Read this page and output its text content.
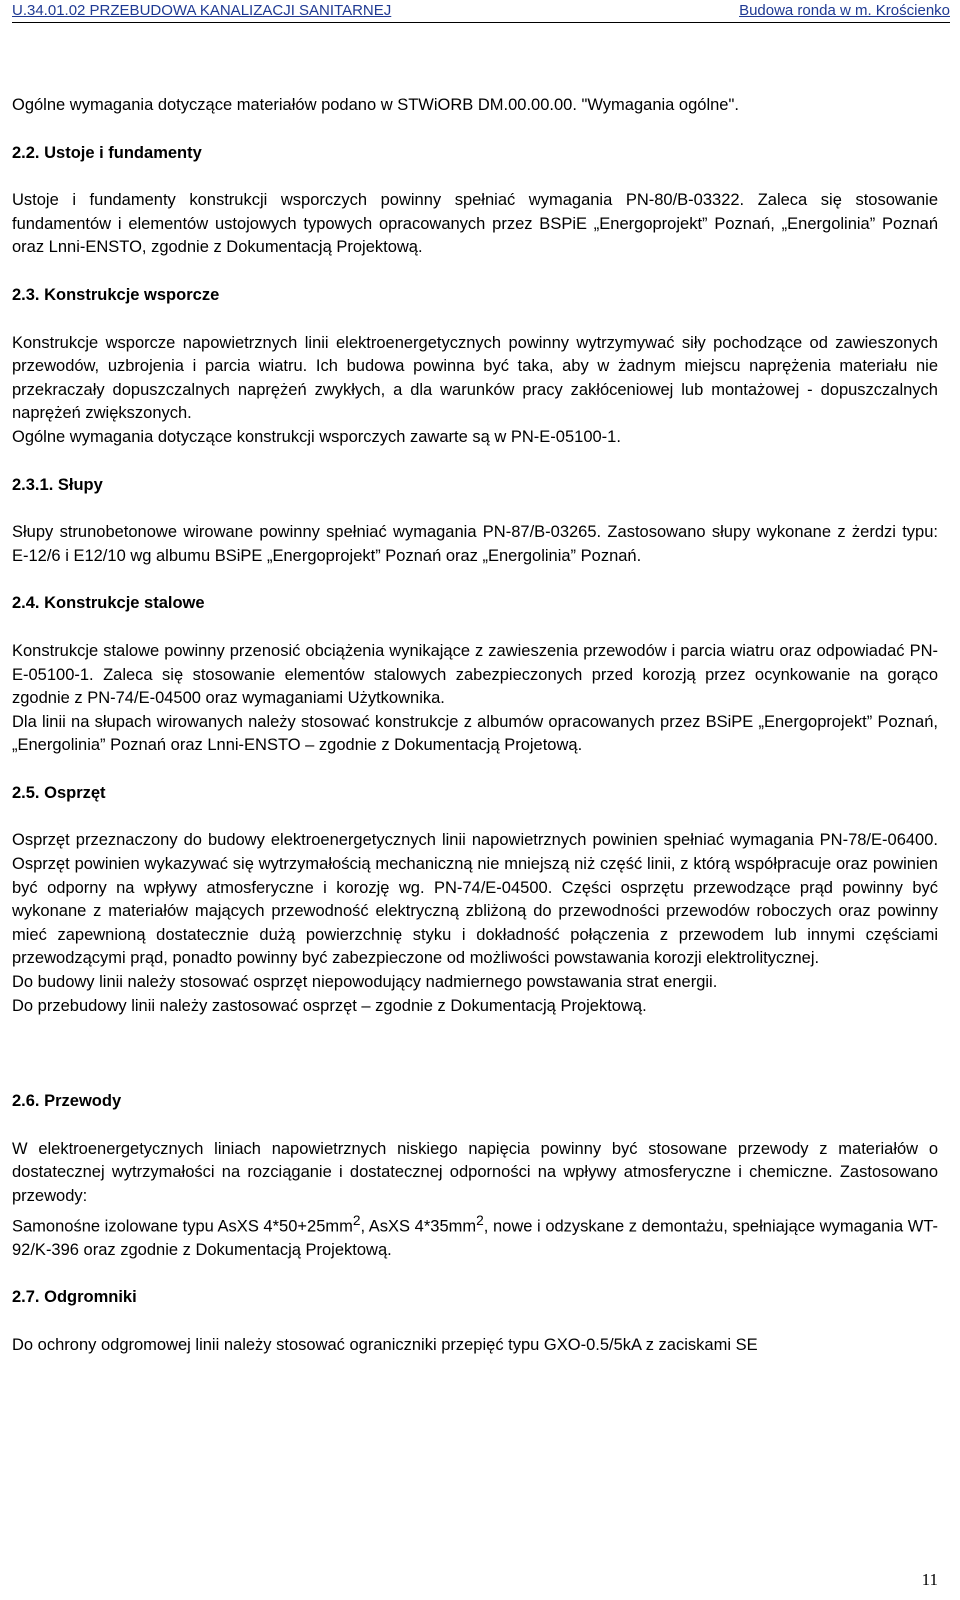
U.34.01.02 PRZEBUDOWA KANALIZACJI SANITARNEJ	Budowa ronda w m. Krościenko

Ogólne wymagania dotyczące materiałów podano w STWiORB DM.00.00.00. "Wymagania ogólne".

2.2. Ustoje i fundamenty

Ustoje i fundamenty konstrukcji wsporczych powinny spełniać wymagania PN-80/B-03322. Zaleca się stosowanie fundamentów i elementów ustojowych typowych opracowanych przez BSPiE „Energoprojekt” Poznań, „Energolinia” Poznań oraz Lnni-ENSTO, zgodnie z Dokumentacją Projektową.

2.3. Konstrukcje wsporcze

Konstrukcje wsporcze napowietrznych linii elektroenergetycznych powinny wytrzymywać siły pochodzące od zawieszonych przewodów, uzbrojenia i parcia wiatru. Ich budowa powinna być taka, aby w żadnym miejscu naprężenia materiału nie przekraczały dopuszczalnych naprężeń zwykłych, a dla warunków pracy zakłóceniowej lub montażowej - dopuszczalnych naprężeń zwiększonych.

Ogólne wymagania dotyczące konstrukcji wsporczych zawarte są w PN-E-05100-1.

2.3.1. Słupy

Słupy strunobetonowe wirowane powinny spełniać wymagania PN-87/B-03265. Zastosowano słupy wykonane z żerdzi typu: E-12/6 i E12/10 wg albumu BSiPE „Energoprojekt” Poznań oraz „Energolinia” Poznań.

2.4. Konstrukcje stalowe

Konstrukcje stalowe powinny przenosić obciążenia wynikające z zawieszenia przewodów i parcia wiatru oraz odpowiadać PN-E-05100-1. Zaleca się stosowanie elementów stalowych zabezpieczonych przed korozją przez ocynkowanie na gorąco zgodnie z PN-74/E-04500 oraz wymaganiami Użytkownika.

Dla linii na słupach wirowanych należy stosować konstrukcje z albumów opracowanych przez BSiPE „Energoprojekt” Poznań, „Energolinia” Poznań oraz Lnni-ENSTO – zgodnie z Dokumentacją Projetową.

2.5. Osprzęt

Osprzęt przeznaczony do budowy elektroenergetycznych linii napowietrznych powinien spełniać wymagania PN-78/E-06400. Osprzęt powinien wykazywać się wytrzymałością mechaniczną nie mniejszą niż część linii, z którą współpracuje oraz powinien być odporny na wpływy atmosferyczne i korozję wg. PN-74/E-04500. Części osprzętu przewodzące prąd powinny być wykonane z materiałów mających przewodność elektryczną zbliżoną do przewodności przewodów roboczych oraz powinny mieć zapewnioną dostatecznie dużą powierzchnię styku i dokładność połączenia z przewodem lub innymi częściami przewodzącymi prąd, ponadto powinny być zabezpieczone od możliwości powstawania korozji elektrolitycznej.

Do budowy linii należy stosować osprzęt niepowodujący nadmiernego powstawania strat energii.

Do przebudowy linii należy zastosować osprzęt – zgodnie z Dokumentacją Projektową.

2.6. Przewody

W elektroenergetycznych liniach napowietrznych niskiego napięcia powinny być stosowane przewody z materiałów o dostatecznej wytrzymałości na rozciąganie i dostatecznej odporności na wpływy atmosferyczne i chemiczne. Zastosowano przewody:

Samonośne izolowane typu AsXS $4*50+25mm^2$, AsXS $4*35mm^2$, nowe i odzyskane z demontażu, spełniające wymagania WT-92/K-396 oraz zgodnie z Dokumentacją Projektową.

2.7. Odgromniki

Do ochrony odgromowej linii należy stosować ograniczniki przepięć typu GXO-0.5/5kA z zaciskami SE

11
